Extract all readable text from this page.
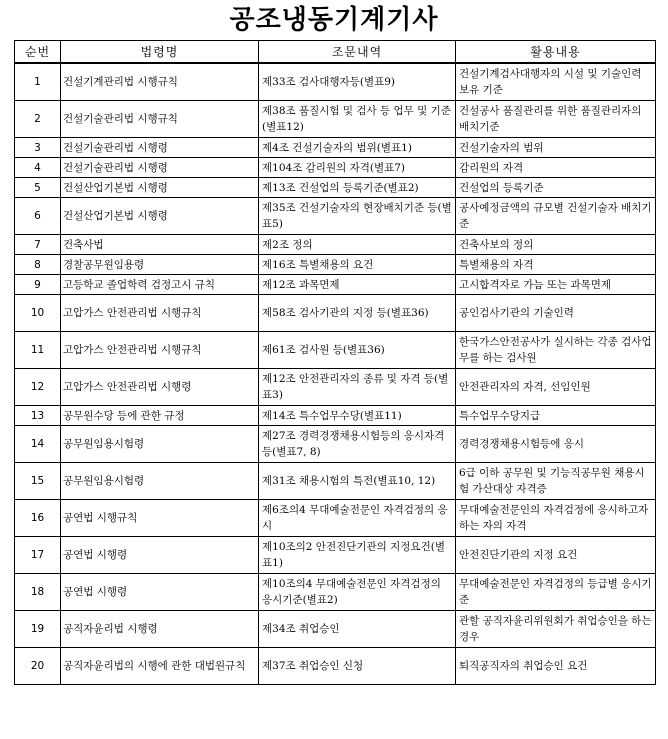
공조냉동기계기사
순번	법령명	조문내역	활용내용
1	건설기계관리법 시행규칙	제33조 검사대행자등(별표9)	건설기계검사대행자의 시설 및 기술인력 보유 기준
2	건설기술관리법 시행규칙	제38조 품질시험 및 검사 등 업무 및 기준(별표12)	건설공사 품질관리를 위한 품질관리자의 배치기준
3	건설기술관리법 시행령	제4조 건설기술자의 범위(별표1)	건설기술자의 범위
4	건설기술관리법 시행령	제104조 감리원의 자격(별표7)	감리원의 자격
5	건설산업기본법 시행령	제13조 건설업의 등록기준(별표2)	건설업의 등록기준
6	건설산업기본법 시행령	제35조 건설기술자의 현장배치기준 등(별표5)	공사예정금액의 규모별 건설기술자 배치기준
7	건축사법	제2조 정의	건축사보의 정의
8	경찰공무원임용령	제16조 특별채용의 요건	특별채용의 자격
9	고등학교 졸업학력 검정고시 규칙	제12조 과목면제	고시합격자로 가늠 또는 과목면제
10	고압가스 안전관리법 시행규칙	제58조 검사기관의 지정 등(별표36)	공인검사기관의 기술인력
11	고압가스 안전관리법 시행규칙	제61조 검사원 등(별표36)	한국가스안전공사가 실시하는 각종 검사업무를 하는 검사원
12	고압가스 안전관리법 시행령	제12조 안전관리자의 종류 및 자격 등(별표3)	안전관리자의 자격, 선임인원
13	공무원수당 등에 관한 규정	제14조 특수업무수당(별표11)	특수업무수당지급
14	공무원임용시험령	제27조 경력경쟁채용시험등의 응시자격 등(별표7, 8)	경력경쟁채용시험등에 응시
15	공무원임용시험령	제31조 채용시험의 특전(별표10, 12)	6급 이하 공무원 및 기능직공무원 채용시험 가산대상 자격증
16	공연법 시행규칙	제6조의4 무대예술전문인 자격검정의 응시	무대예술전문인의 자격검정에 응시하고자 하는 자의 자격
17	공연법 시행령	제10조의2 안전진단기관의 지정요건(별표1)	안전진단기관의 지정 요건
18	공연법 시행령	제10조의4 무대예술전문인 자격검정의 응시기준(별표2)	무대예술전문인 자격검정의 등급별 응시기준
19	공직자윤리법 시행령	제34조 취업승인	관할 공직자윤리위원회가 취업승인을 하는 경우
20	공직자윤리법의 시행에 관한 대법원규칙	제37조 취업승인 신청	퇴직공직자의 취업승인 요건
